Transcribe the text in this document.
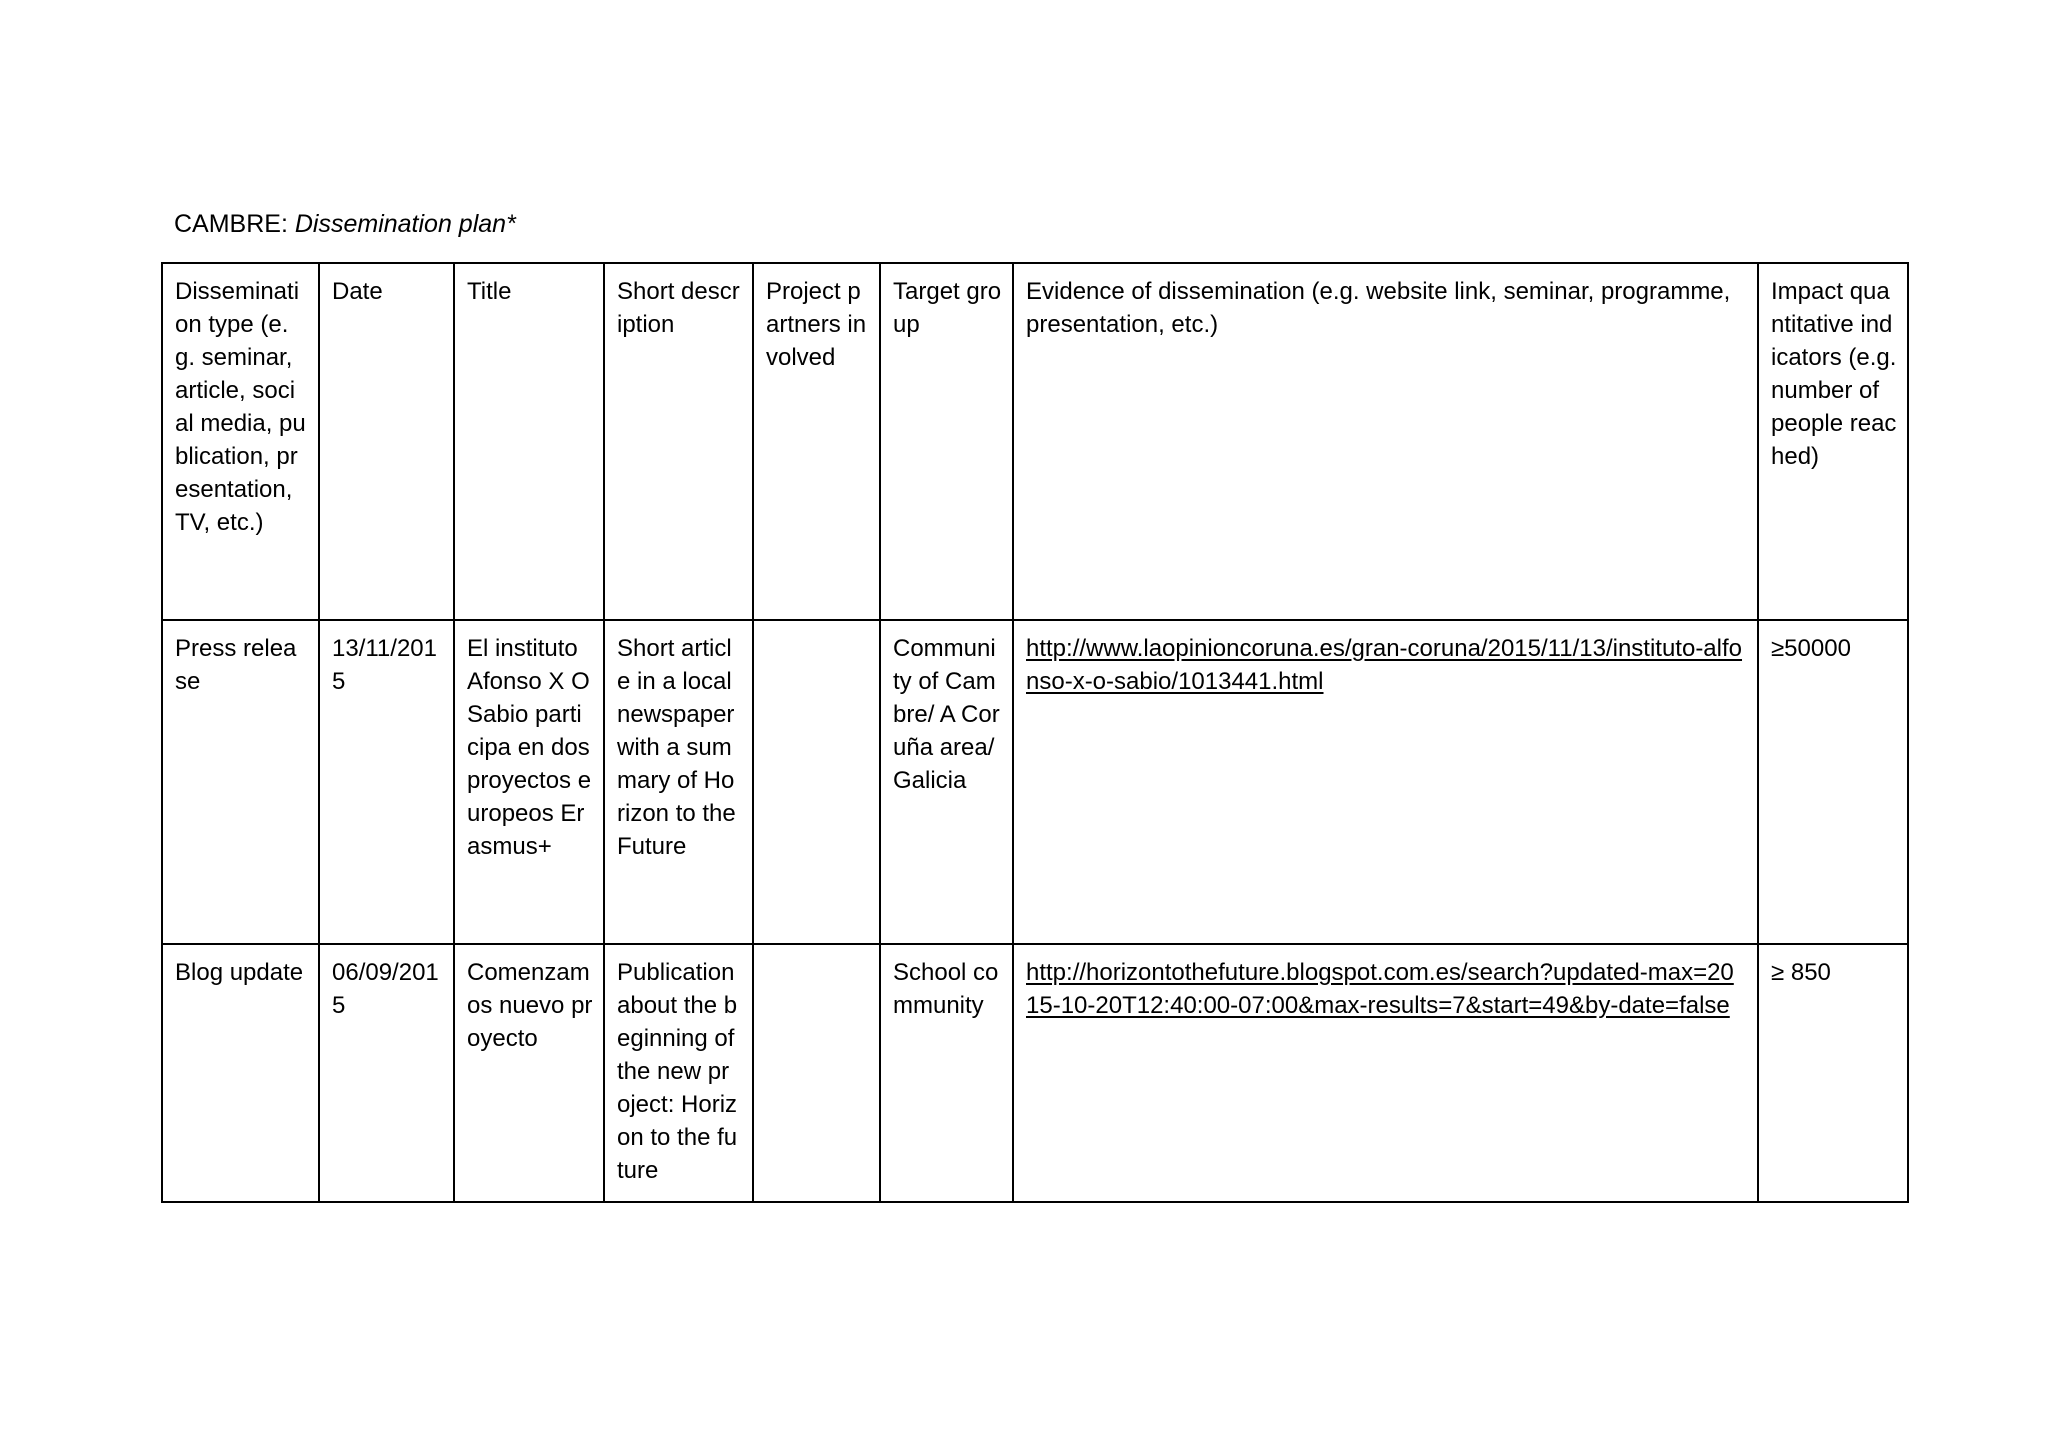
CAMBRE: Dissemination plan*
Dissemination type (e.g. seminar, article, social media, publication, presentation, TV, etc.)	Date	Title	Short description	Project partners involved	Target group	Evidence of dissemination (e.g. website link, seminar, programme, presentation, etc.)	Impact quantitative indicators (e.g. number of people reached)
Press release	13/11/2015	El instituto Afonso X O Sabio participa en dos proyectos europeos Erasmus+	Short article in a local newspaper with a summary of Horizon to the Future		Community of Cambre/ A Coruña area/ Galicia	http://www.laopinioncoruna.es/gran-coruna/2015/11/13/instituto-alfonso-x-o-sabio/1013441.html	≥50000
Blog update	06/09/2015	Comenzamos nuevo proyecto	Publication about the beginning of the new project: Horizon to the future		School community	http://horizontothefuture.blogspot.com.es/search?updated-max=2015-10-20T12:40:00-07:00&max-results=7&start=49&by-date=false	≥ 850
